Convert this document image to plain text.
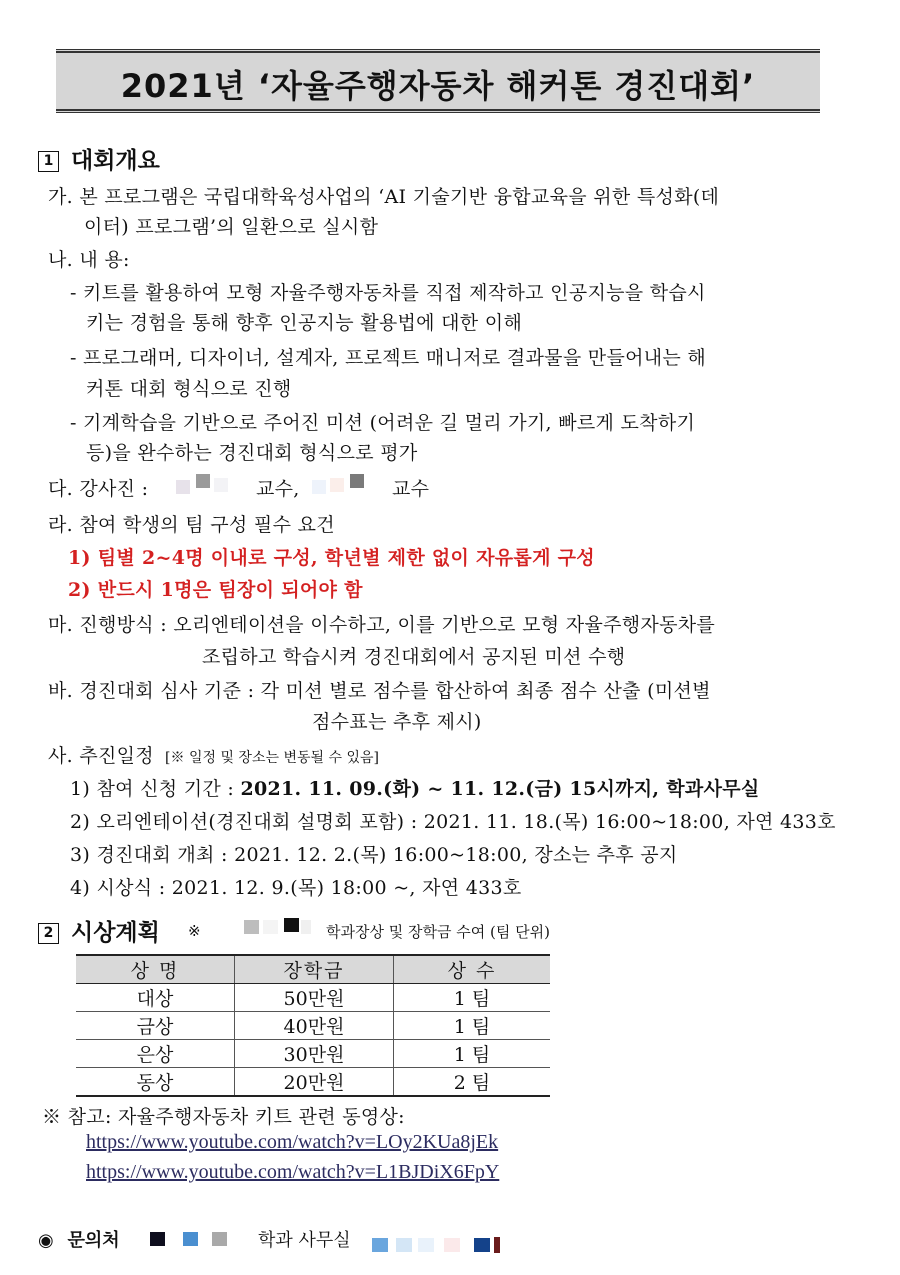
2021년 ‘자율주행자동차 해커톤 경진대회’
1 대회개요
가. 본 프로그램은 국립대학육성사업의 ‘AI 기술기반 융합교육을 위한 특성화(데
이터) 프로그램’의 일환으로 실시함
나. 내 용:
- 키트를 활용하여 모형 자율주행자동차를 직접 제작하고 인공지능을 학습시
키는 경험을 통해 향후 인공지능 활용법에 대한 이해
- 프로그래머, 디자이너, 설계자, 프로젝트 매니저로 결과물을 만들어내는 해
커톤 대회 형식으로 진행
- 기계학습을 기반으로 주어진 미션 (어려운 길 멀리 가기, 빠르게 도착하기
등)을 완수하는 경진대회 형식으로 평가
다. 강사진 :	교수,	교수
라. 참여 학생의 팀 구성 필수 요건
1) 팀별 2~4명 이내로 구성, 학년별 제한 없이 자유롭게 구성
2) 반드시 1명은 팀장이 되어야 함
마. 진행방식 : 오리엔테이션을 이수하고, 이를 기반으로 모형 자율주행자동차를
조립하고 학습시켜 경진대회에서 공지된 미션 수행
바. 경진대회 심사 기준 : 각 미션 별로 점수를 합산하여 최종 점수 산출 (미션별
점수표는 추후 제시)
사. 추진일정 [※ 일정 및 장소는 변동될 수 있음]
1) 참여 신청 기간 : 2021. 11. 09.(화) ~ 11. 12.(금) 15시까지, 학과사무실
2) 오리엔테이션(경진대회 설명회 포함) : 2021. 11. 18.(목) 16:00~18:00, 자연 433호
3) 경진대회 개최 : 2021. 12. 2.(목) 16:00~18:00, 장소는 추후 공지
4) 시상식 : 2021. 12. 9.(목) 18:00 ~, 자연 433호
2 시상계획 ※	학과장상 및 장학금 수여 (팀 단위)
상 명	장학금	상 수
대상	50만원	1 팀
금상	40만원	1 팀
은상	30만원	1 팀
동상	20만원	2 팀
※ 참고: 자율주행자동차 키트 관련 동영상:
https://www.youtube.com/watch?v=LOy2KUa8jEk
https://www.youtube.com/watch?v=L1BJDiX6FpY
◉ 문의처	학과 사무실
